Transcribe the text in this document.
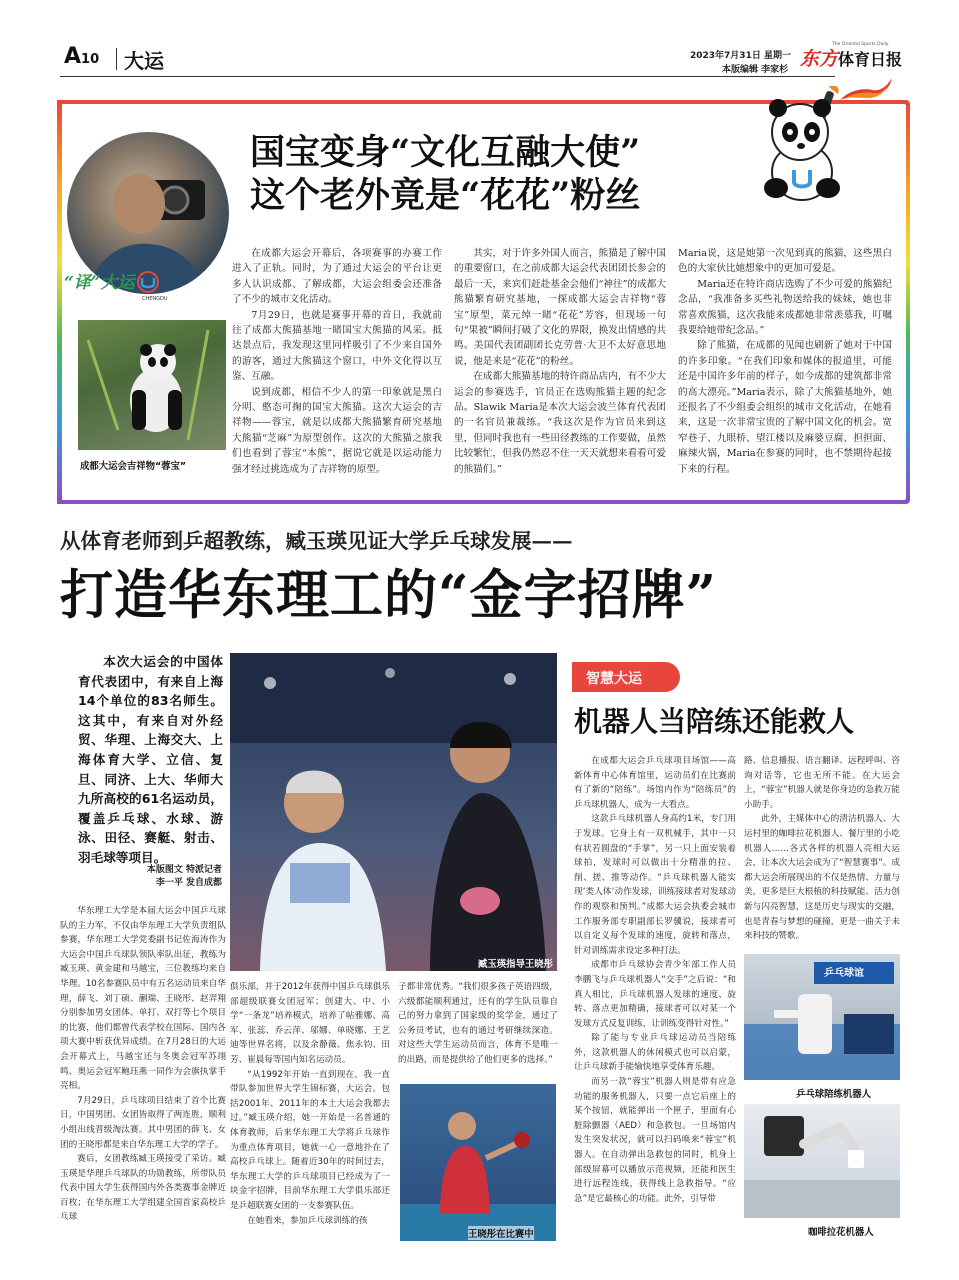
A10 大运	2023年7月31日 星期一
本版编辑 李家杉 东方体育日报
The Oriental Sports Daily
“译”大运
CHENGDU
成都大运会吉祥物“蓉宝”
国宝变身“文化互融大使”
这个老外竟是“花花”粉丝

在成都大运会开幕后，各项赛事的办赛工作进入了正轨。同时，为了通过大运会的平台让更多人认识成都、了解成都，大运会组委会还准备了不少的城市文化活动。

7月29日，也就是赛事开幕的首日，我就前往了成都大熊猫基地一睹国宝大熊猫的风采。抵达景点后，我发现这里同样吸引了不少来自国外的游客，通过大熊猫这个窗口，中外文化得以互鉴、互融。

说到成都，相信不少人的第一印象就是黑白分明、憨态可掬的国宝大熊猫。这次大运会的吉祥物——蓉宝，就是以成都大熊猫繁育研究基地大熊猫“芝麻”为原型创作。这次的大熊猫之旅我们也看到了蓉宝“本熊”，据说它就是以运动能力强才经过挑选成为了吉祥物的原型。

其实，对于许多外国人而言，熊猫是了解中国的重要窗口，在之前成都大运会代表团团长参会的最后一天，来宾们赶赴基金会他们“神往”的成都大熊猫繁育研究基地，一探成都大运会吉祥物“蓉宝”原型，菜元绰一睹“花花”芳容，但现场一句句“果被”瞬间打破了文化的界限，换发出情感的共鸣。美国代表团副团长克劳普·大卫不太好意思地说，他是来是“花花”的粉丝。

在成都大熊猫基地的特许商品店内，有不少大运会的参赛选手，官员正在选购熊猫主题的纪念品。Slawik Maria是本次大运会波兰体育代表团的一名官员兼裁练。“我这次是作为官员来到这里，但同时我也有一些田径教练的工作要做，虽然比较繁忙，但我仍然忍不住一天天就想来看看可爱的熊猫们。”

Maria说，这是她第一次见到真的熊猫，这些黑白色的大家伙比她想象中的更加可爱是。

Maria还在特许商店选购了不少可爱的熊猫纪念品，“我准备多买些礼物送给我的妹妹，她也非常喜欢熊猫，这次我能来成都她非常羡慕我，叮嘱我要给她带纪念品。”

除了熊猫，在成都的见闻也刷新了她对于中国的许多印象。“在我们印象和媒体的报道里，可能还是中国许多年前的样子，如今成都的建筑都非常的高大漂亮。”Maria表示，除了大熊猫基地外，她还报名了不少组委会组织的城市文化活动，在她看来，这是一次非常宝贵的了解中国文化的机会。宽窄巷子、九眼桥、望江楼以及麻婆豆腐、担担面、麻辣火锅，Maria在参赛的同时，也不禁期待起接下来的行程。

从体育老师到乒超教练，臧玉瑛见证大学乒乓球发展——
打造华东理工的“金字招牌”
本次大运会的中国体育代表团中，有来自上海14个单位的83名师生。这其中，有来自对外经贸、华理、上海交大、上海体育大学、立信、复旦、同济、上大、华师大九所高校的61名运动员，覆盖乒乓球、水球、游泳、田径、赛艇、射击、羽毛球等项目。
本版图文 特派记者
李一平 发自成都
臧玉瑛指导王晓彤

华东理工大学是本届大运会中国乒乓球队的主力军，不仅由华东理工大学负责组队参赛，华东理工大学党委副书记佐海涛作为大运会中国乒乓球队领队率队出征，教练为臧玉瑛、黄金建和马越宝，三位教练均来自华理。10名参赛队员中有五名运动员来自华理，薛飞、刘丁硕、蒯瑞、王晓彤、赵羿翔分别参加男女团体、单打、双打等七个项目的比赛，他们都曾代表学校在国际、国内各项大赛中斩获优异成绩。在7月28日的大运会开幕式上，马越宝还与冬奥会冠军苏翊鸣、奥运会冠军鲍珏燕一同作为会旗执掌手亮相。

7月29日，乒乓球项目结束了首个比赛日，中国男团、女团皆取得了两连胜，顺利小组出线晋级淘汰赛。其中男团的薛飞、女团的王晓彤都是来自华东理工大学的学子。

赛后，女团教练臧玉瑛接受了采访。臧玉瑛是华理乒乓球队的功勋教练，所带队员代表中国大学生获得国内外各类赛事金牌近百枚；在华东理工大学组建全国首家高校乒乓球

俱乐部，并于2012年获得中国乒乓球俱乐部超级联赛女团冠军；创建大、中、小学“一条龙”培养模式，培养了帖雅娜、高军、张蕊、乔云萍、邬娜、单晓娜、王艺迪等世界名将，以及余静薇、焦永钧、田芳、崔晨每等国内知名运动员。

“从1992年开始一直到现在，我一直带队参加世界大学生锦标赛，大运会。包括2001年、2011年的本土大运会我都去过。”臧玉瑛介绍，她一开始是一名普通的体育教师，后来华东理工大学将乒乓球作为重点体育项目，她就一心一意地扑在了高校乒乓球上。随着近30年的时间过去，华东理工大学的乒乓球项目已经成为了一块金字招牌，目前华东理工大学俱乐部还是乒超联赛女团的一支参赛队伍。

在她看来，参加乒乓球训练的孩

子都非常优秀。“我们很多孩子英语四级，六级都能顺利通过，还有的学生队员靠自己的努力拿到了国家级的奖学金，通过了公务员考试，也有的通过考研继续深造。对这些大学生运动员而言，体育不是唯一的出路，而是提供给了他们更多的选择。”

王晓彤在比赛中
智慧大运
机器人当陪练还能救人

在成都大运会乒乓球项目场馆——高新体育中心体育馆里，运动员们在比赛前有了新的“陪练”。场馆内作为“陪练员”的乒乓球机器人，成为一大看点。

这款乒乓球机器人身高约1米，专门用于发球。它身上有一双机械手，其中一只有状若圆盘的“手掌”，另一只上面安装着球拍，发球时可以做出十分精准的拉、削、搓、推等动作。“乒乓球机器人能实现‘类人体’动作发球，训练接球者对发球动作的观察和预判。”成都大运会执委会城市工作服务部专职副部长罗骥说，接球者可以自定义每个发球的速度，旋转和落点，针对训练需求设定多种打法。

成都市乒乓球协会青少年部工作人员李鹏飞与乒乓球机器人“交手”之后说：“和真人相比，乒乓球机器人发球的速度、旋转、落点更加精确，接球者可以对某一个发球方式反复训练，让训练变得针对性。”

除了能与专业乒乓球运动员当陪练外，这款机器人的休闲模式也可以启蒙，让乒乓球新手能愉快地享受体育乐趣。

而另一款“蓉宝”机器人则是带有应急功能的服务机器人，只要一点它后座上的某个按钮，就能弹出一个匣子，里面有心脏除颤器（AED）和急救包。一旦场馆内发生突发状况，就可以扫码唤来“蓉宝”机器人。在自动弹出急救包的同时，机身上部级屏幕可以播放示范视频，还能和医生进行远程连线，获得线上急救指导。“应急”是它最核心的功能。此外，引导带

路、信息播报、语言翻译、远程呼叫、咨询对话等，它也无所不能。在大运会上，“蓉宝”机器人就是你身边的急救万能小助手。

此外，主媒体中心的清洁机器人、大运村里的咖啡拉花机器人、餐厅里的小吃机器人……各式各样的机器人亮相大运会，让本次大运会成为了“智慧赛事”。成都大运会所展现出的不仅是热情、力量与美，更多是巨大根植的科技赋能、活力创新与闪亮智慧，这是历史与现实的交融，也是青春与梦想的碰撞，更是一曲关于未来科技的赞歌。

乒乓球谊
乒乓球陪练机器人
咖啡拉花机器人
